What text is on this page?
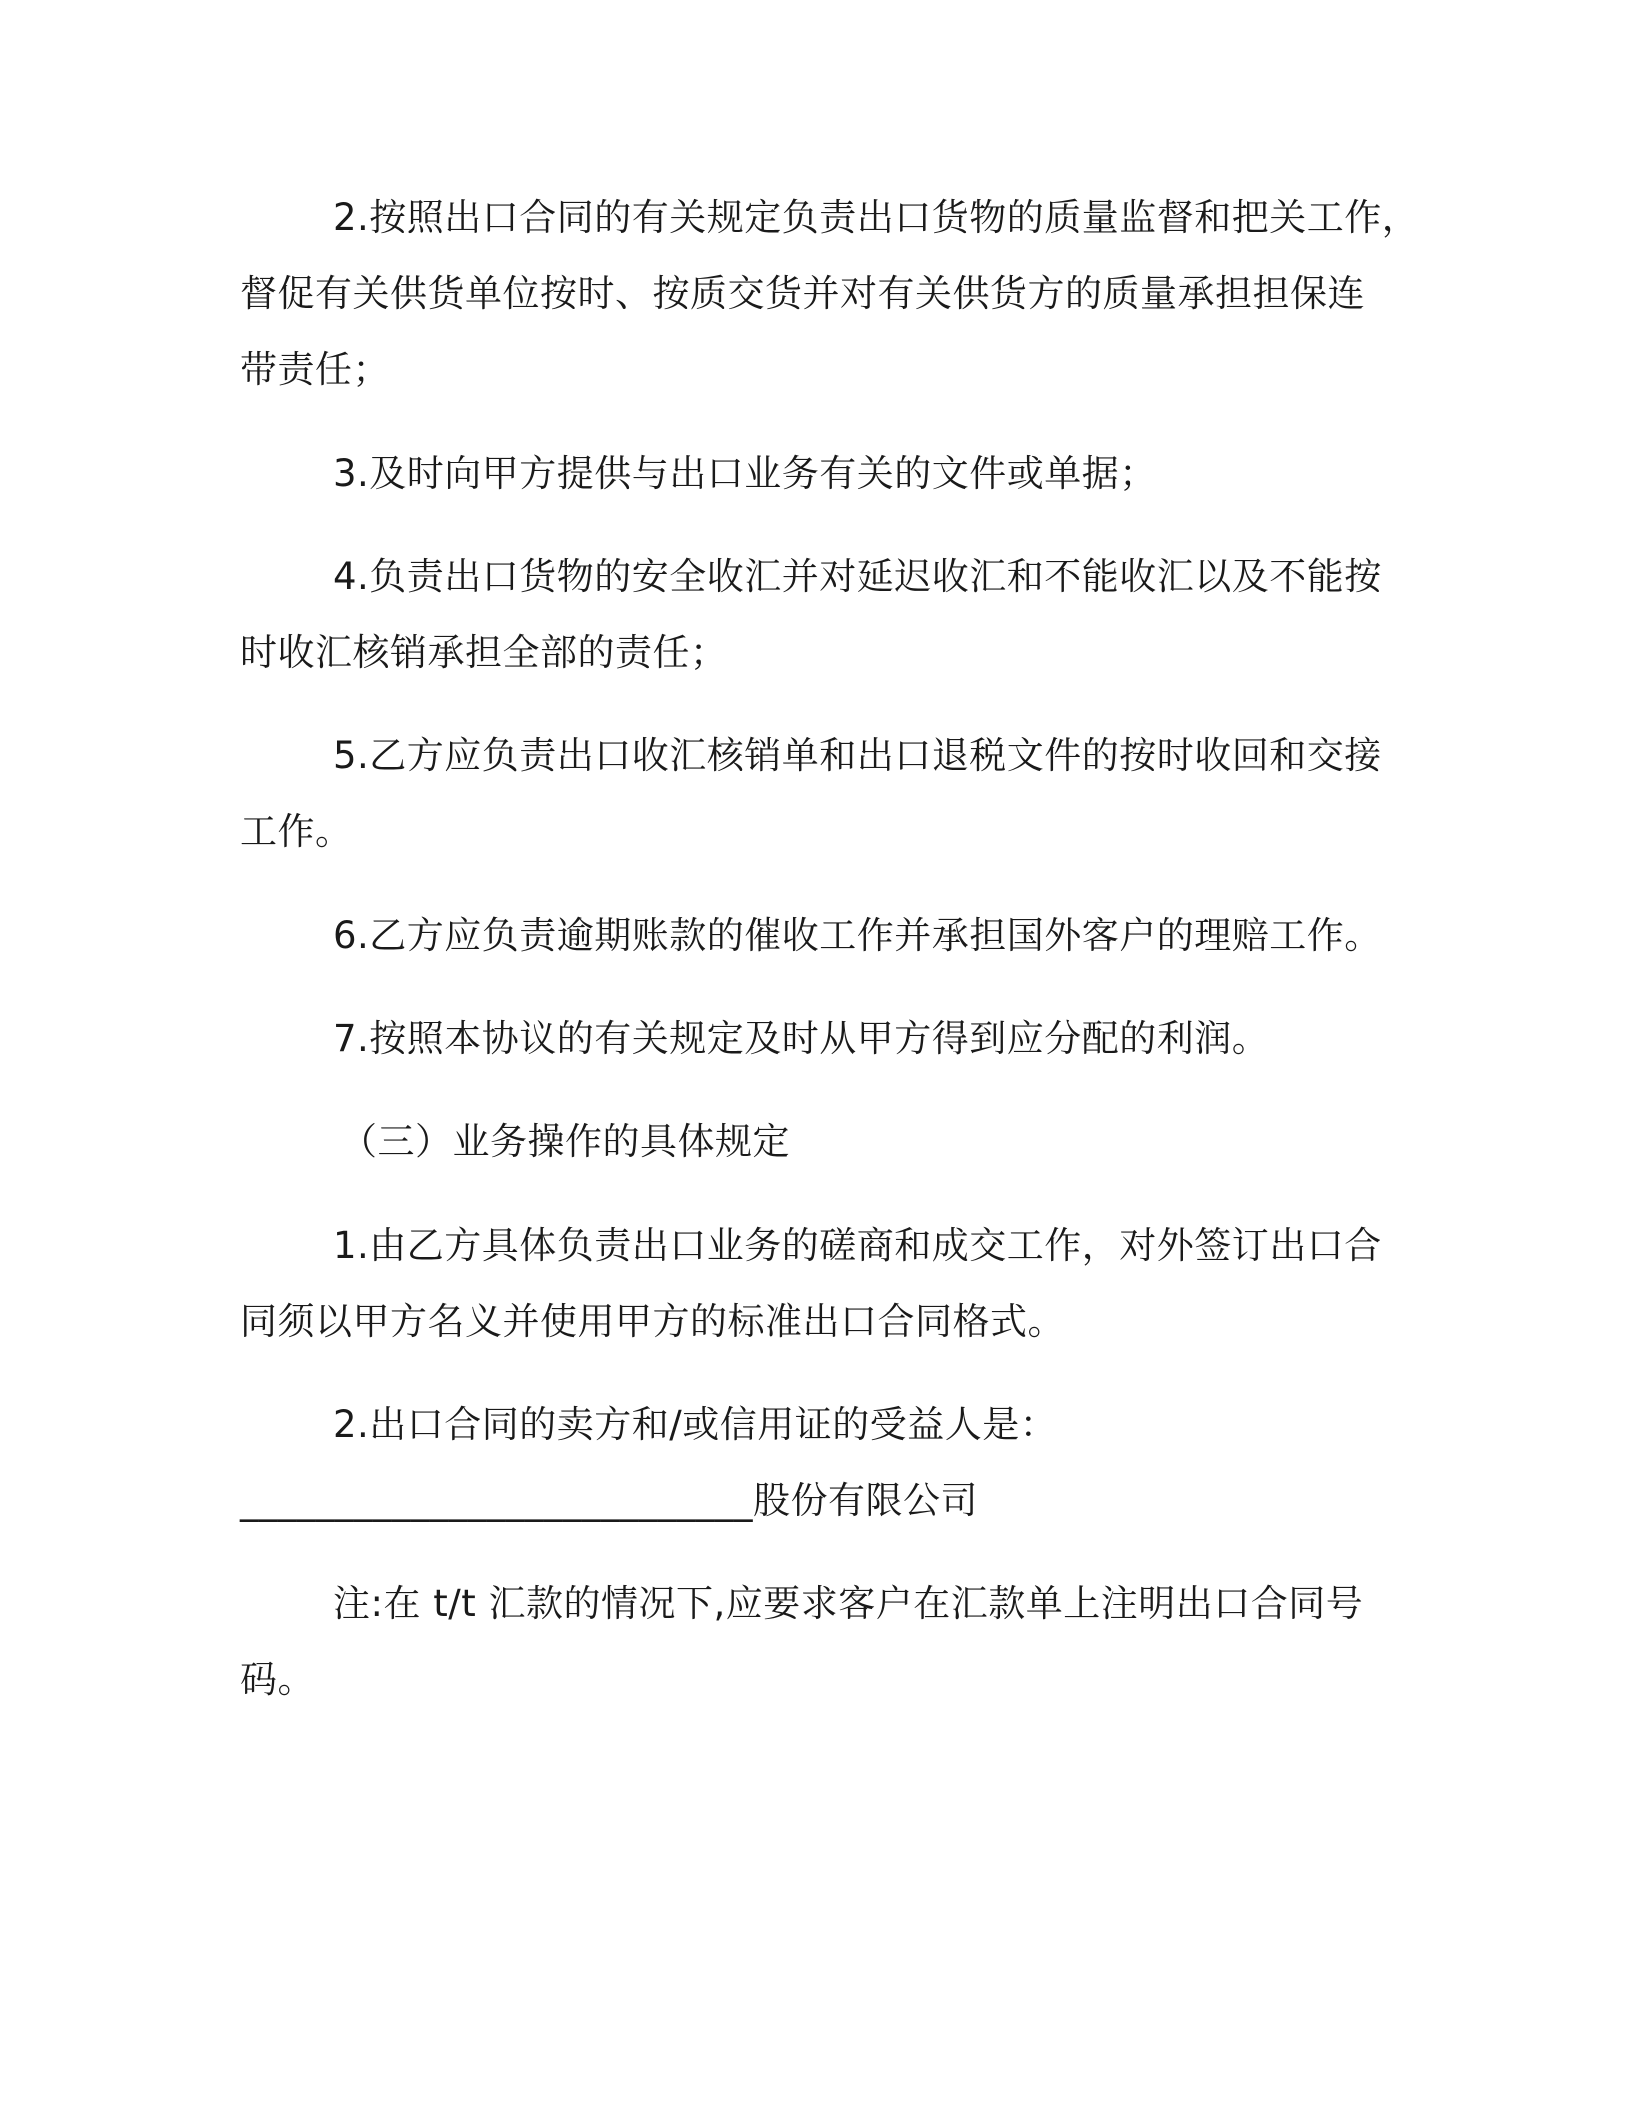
2.按照出口合同的有关规定负责出口货物的质量监督和把关工作，

督促有关供货单位按时、按质交货并对有关供货方的质量承担担保连

带责任；

3.及时向甲方提供与出口业务有关的文件或单据；

4.负责出口货物的安全收汇并对延迟收汇和不能收汇以及不能按

时收汇核销承担全部的责任；

5.乙方应负责出口收汇核销单和出口退税文件的按时收回和交接

工作。

6.乙方应负责逾期账款的催收工作并承担国外客户的理赔工作。

7.按照本协议的有关规定及时从甲方得到应分配的利润。

（三）业务操作的具体规定

1.由乙方具体负责出口业务的磋商和成交工作，对外签订出口合

同须以甲方名义并使用甲方的标准出口合同格式。

2.出口合同的卖方和/或信用证的受益人是：

___________________________股份有限公司

注:在 t/t 汇款的情况下,应要求客户在汇款单上注明出口合同号

码。
